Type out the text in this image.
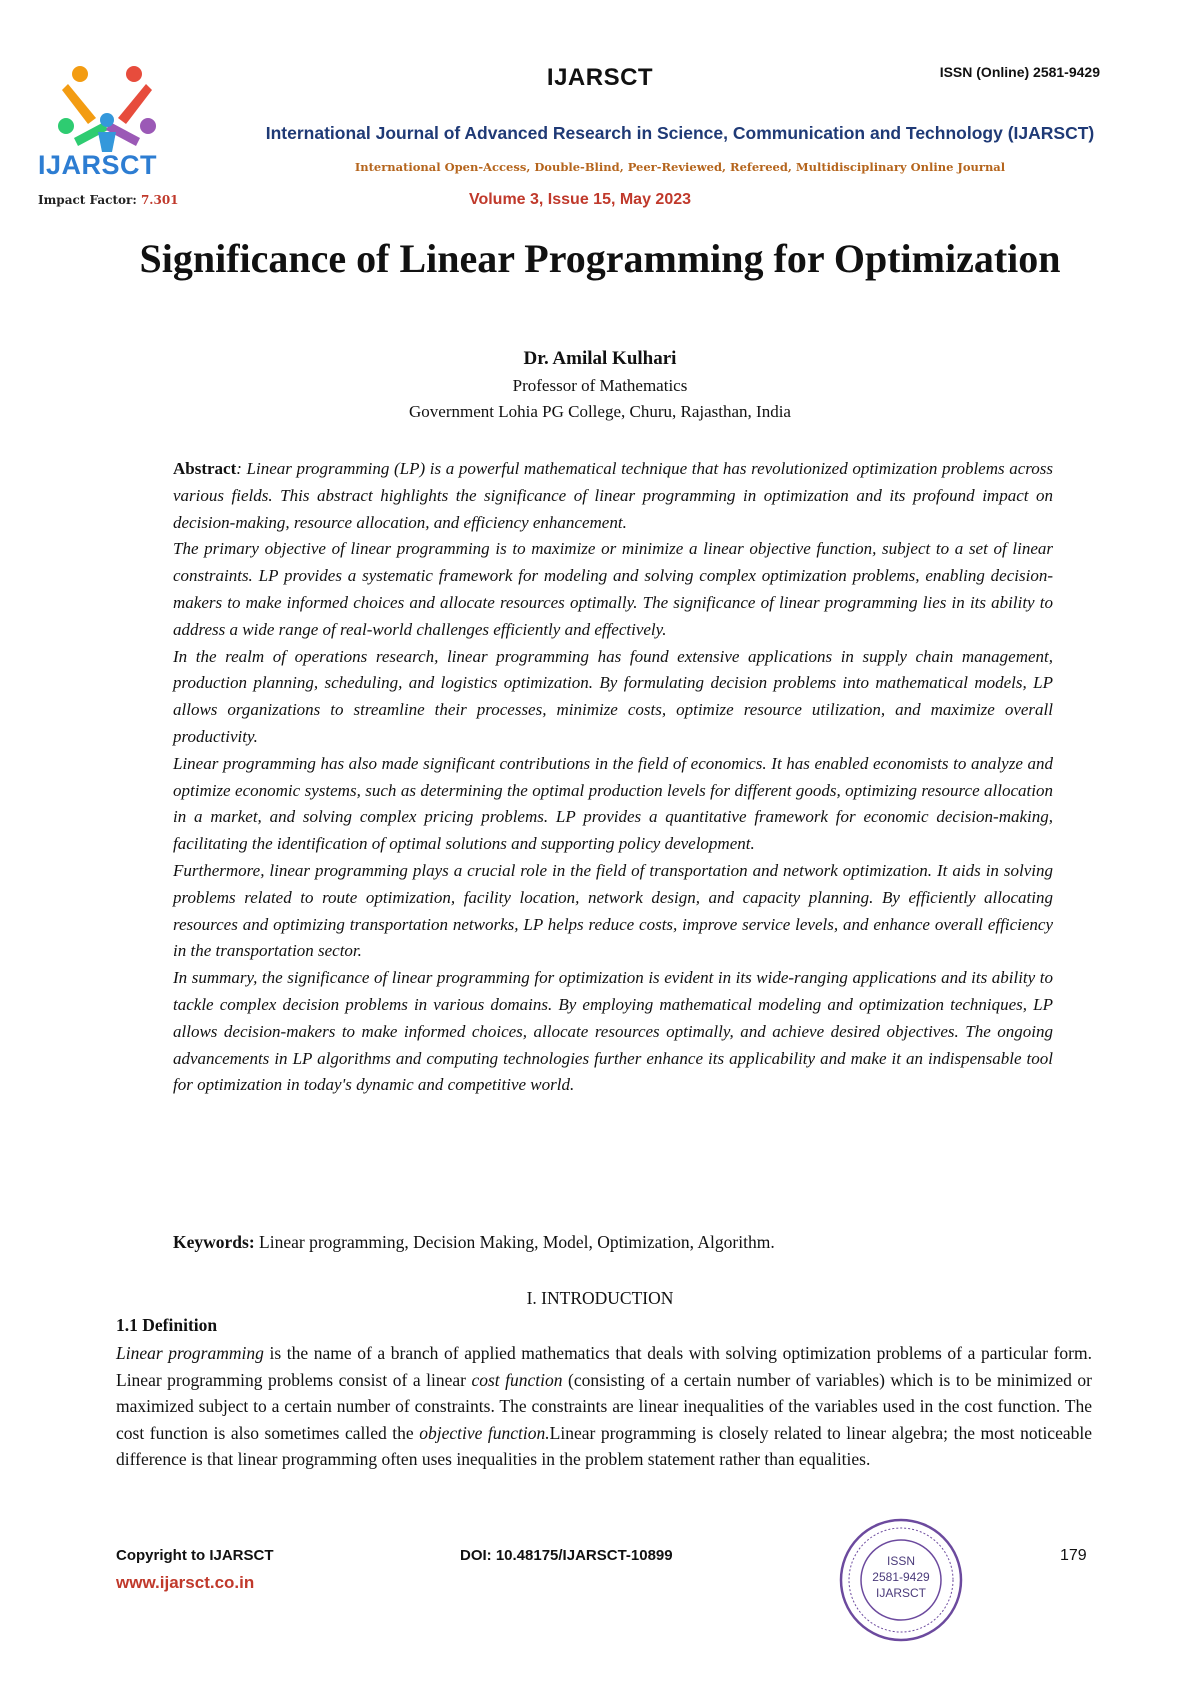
IJARSCT
Impact Factor: 7.301
IJARSCT	ISSN (Online) 2581-9429
International Journal of Advanced Research in Science, Communication and Technology (IJARSCT)
International Open-Access, Double-Blind, Peer-Reviewed, Refereed, Multidisciplinary Online Journal
Volume 3, Issue 15, May 2023
Significance of Linear Programming for Optimization
Dr. Amilal Kulhari
Professor of Mathematics
Government Lohia PG College, Churu, Rajasthan, India

Abstract: Linear programming (LP) is a powerful mathematical technique that has revolutionized optimization problems across various fields. This abstract highlights the significance of linear programming in optimization and its profound impact on decision-making, resource allocation, and efficiency enhancement.

The primary objective of linear programming is to maximize or minimize a linear objective function, subject to a set of linear constraints. LP provides a systematic framework for modeling and solving complex optimization problems, enabling decision-makers to make informed choices and allocate resources optimally. The significance of linear programming lies in its ability to address a wide range of real-world challenges efficiently and effectively.

In the realm of operations research, linear programming has found extensive applications in supply chain management, production planning, scheduling, and logistics optimization. By formulating decision problems into mathematical models, LP allows organizations to streamline their processes, minimize costs, optimize resource utilization, and maximize overall productivity.

Linear programming has also made significant contributions in the field of economics. It has enabled economists to analyze and optimize economic systems, such as determining the optimal production levels for different goods, optimizing resource allocation in a market, and solving complex pricing problems. LP provides a quantitative framework for economic decision-making, facilitating the identification of optimal solutions and supporting policy development.

Furthermore, linear programming plays a crucial role in the field of transportation and network optimization. It aids in solving problems related to route optimization, facility location, network design, and capacity planning. By efficiently allocating resources and optimizing transportation networks, LP helps reduce costs, improve service levels, and enhance overall efficiency in the transportation sector.

In summary, the significance of linear programming for optimization is evident in its wide-ranging applications and its ability to tackle complex decision problems in various domains. By employing mathematical modeling and optimization techniques, LP allows decision-makers to make informed choices, allocate resources optimally, and achieve desired objectives. The ongoing advancements in LP algorithms and computing technologies further enhance its applicability and make it an indispensable tool for optimization in today's dynamic and competitive world.

Keywords: Linear programming, Decision Making, Model, Optimization, Algorithm.
I. INTRODUCTION
1.1 Definition

Linear programming is the name of a branch of applied mathematics that deals with solving optimization problems of a particular form. Linear programming problems consist of a linear cost function (consisting of a certain number of variables) which is to be minimized or maximized subject to a certain number of constraints. The constraints are linear inequalities of the variables used in the cost function. The cost function is also sometimes called the objective function.Linear programming is closely related to linear algebra; the most noticeable difference is that linear programming often uses inequalities in the problem statement rather than equalities.

Copyright to IJARSCT
www.ijarsct.co.in
DOI: 10.48175/IJARSCT-10899	ISSN
2581-9429
IJARSCT
179
